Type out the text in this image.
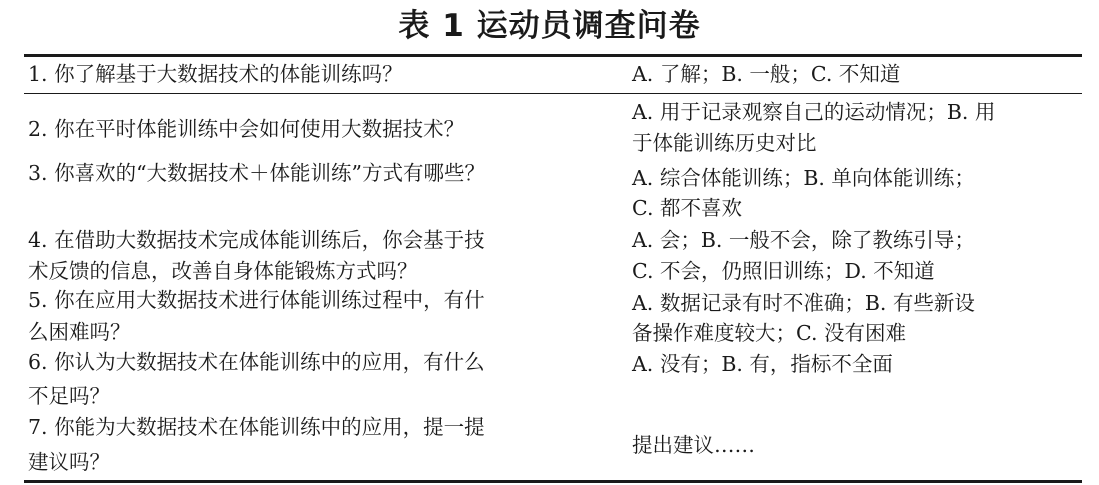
表 1 运动员调查问卷
1. 你了解基于大数据技术的体能训练吗？	A. 了解；B. 一般；C. 不知道
2. 你在平时体能训练中会如何使用大数据技术？
A. 用于记录观察自己的运动情况；B. 用
于体能训练历史对比
3. 你喜欢的“大数据技术＋体能训练”方式有哪些？	A. 综合体能训练；B. 单向体能训练；
C. 都不喜欢
4. 在借助大数据技术完成体能训练后，你会基于技
术反馈的信息，改善自身体能锻炼方式吗？
A. 会；B. 一般不会，除了教练引导；
C. 不会，仍照旧训练；D. 不知道
5. 你在应用大数据技术进行体能训练过程中，有什
么困难吗？
A. 数据记录有时不准确；B. 有些新设
备操作难度较大；C. 没有困难
6. 你认为大数据技术在体能训练中的应用，有什么
不足吗？
A. 没有；B. 有，指标不全面
7. 你能为大数据技术在体能训练中的应用，提一提
建议吗？
提出建议……
